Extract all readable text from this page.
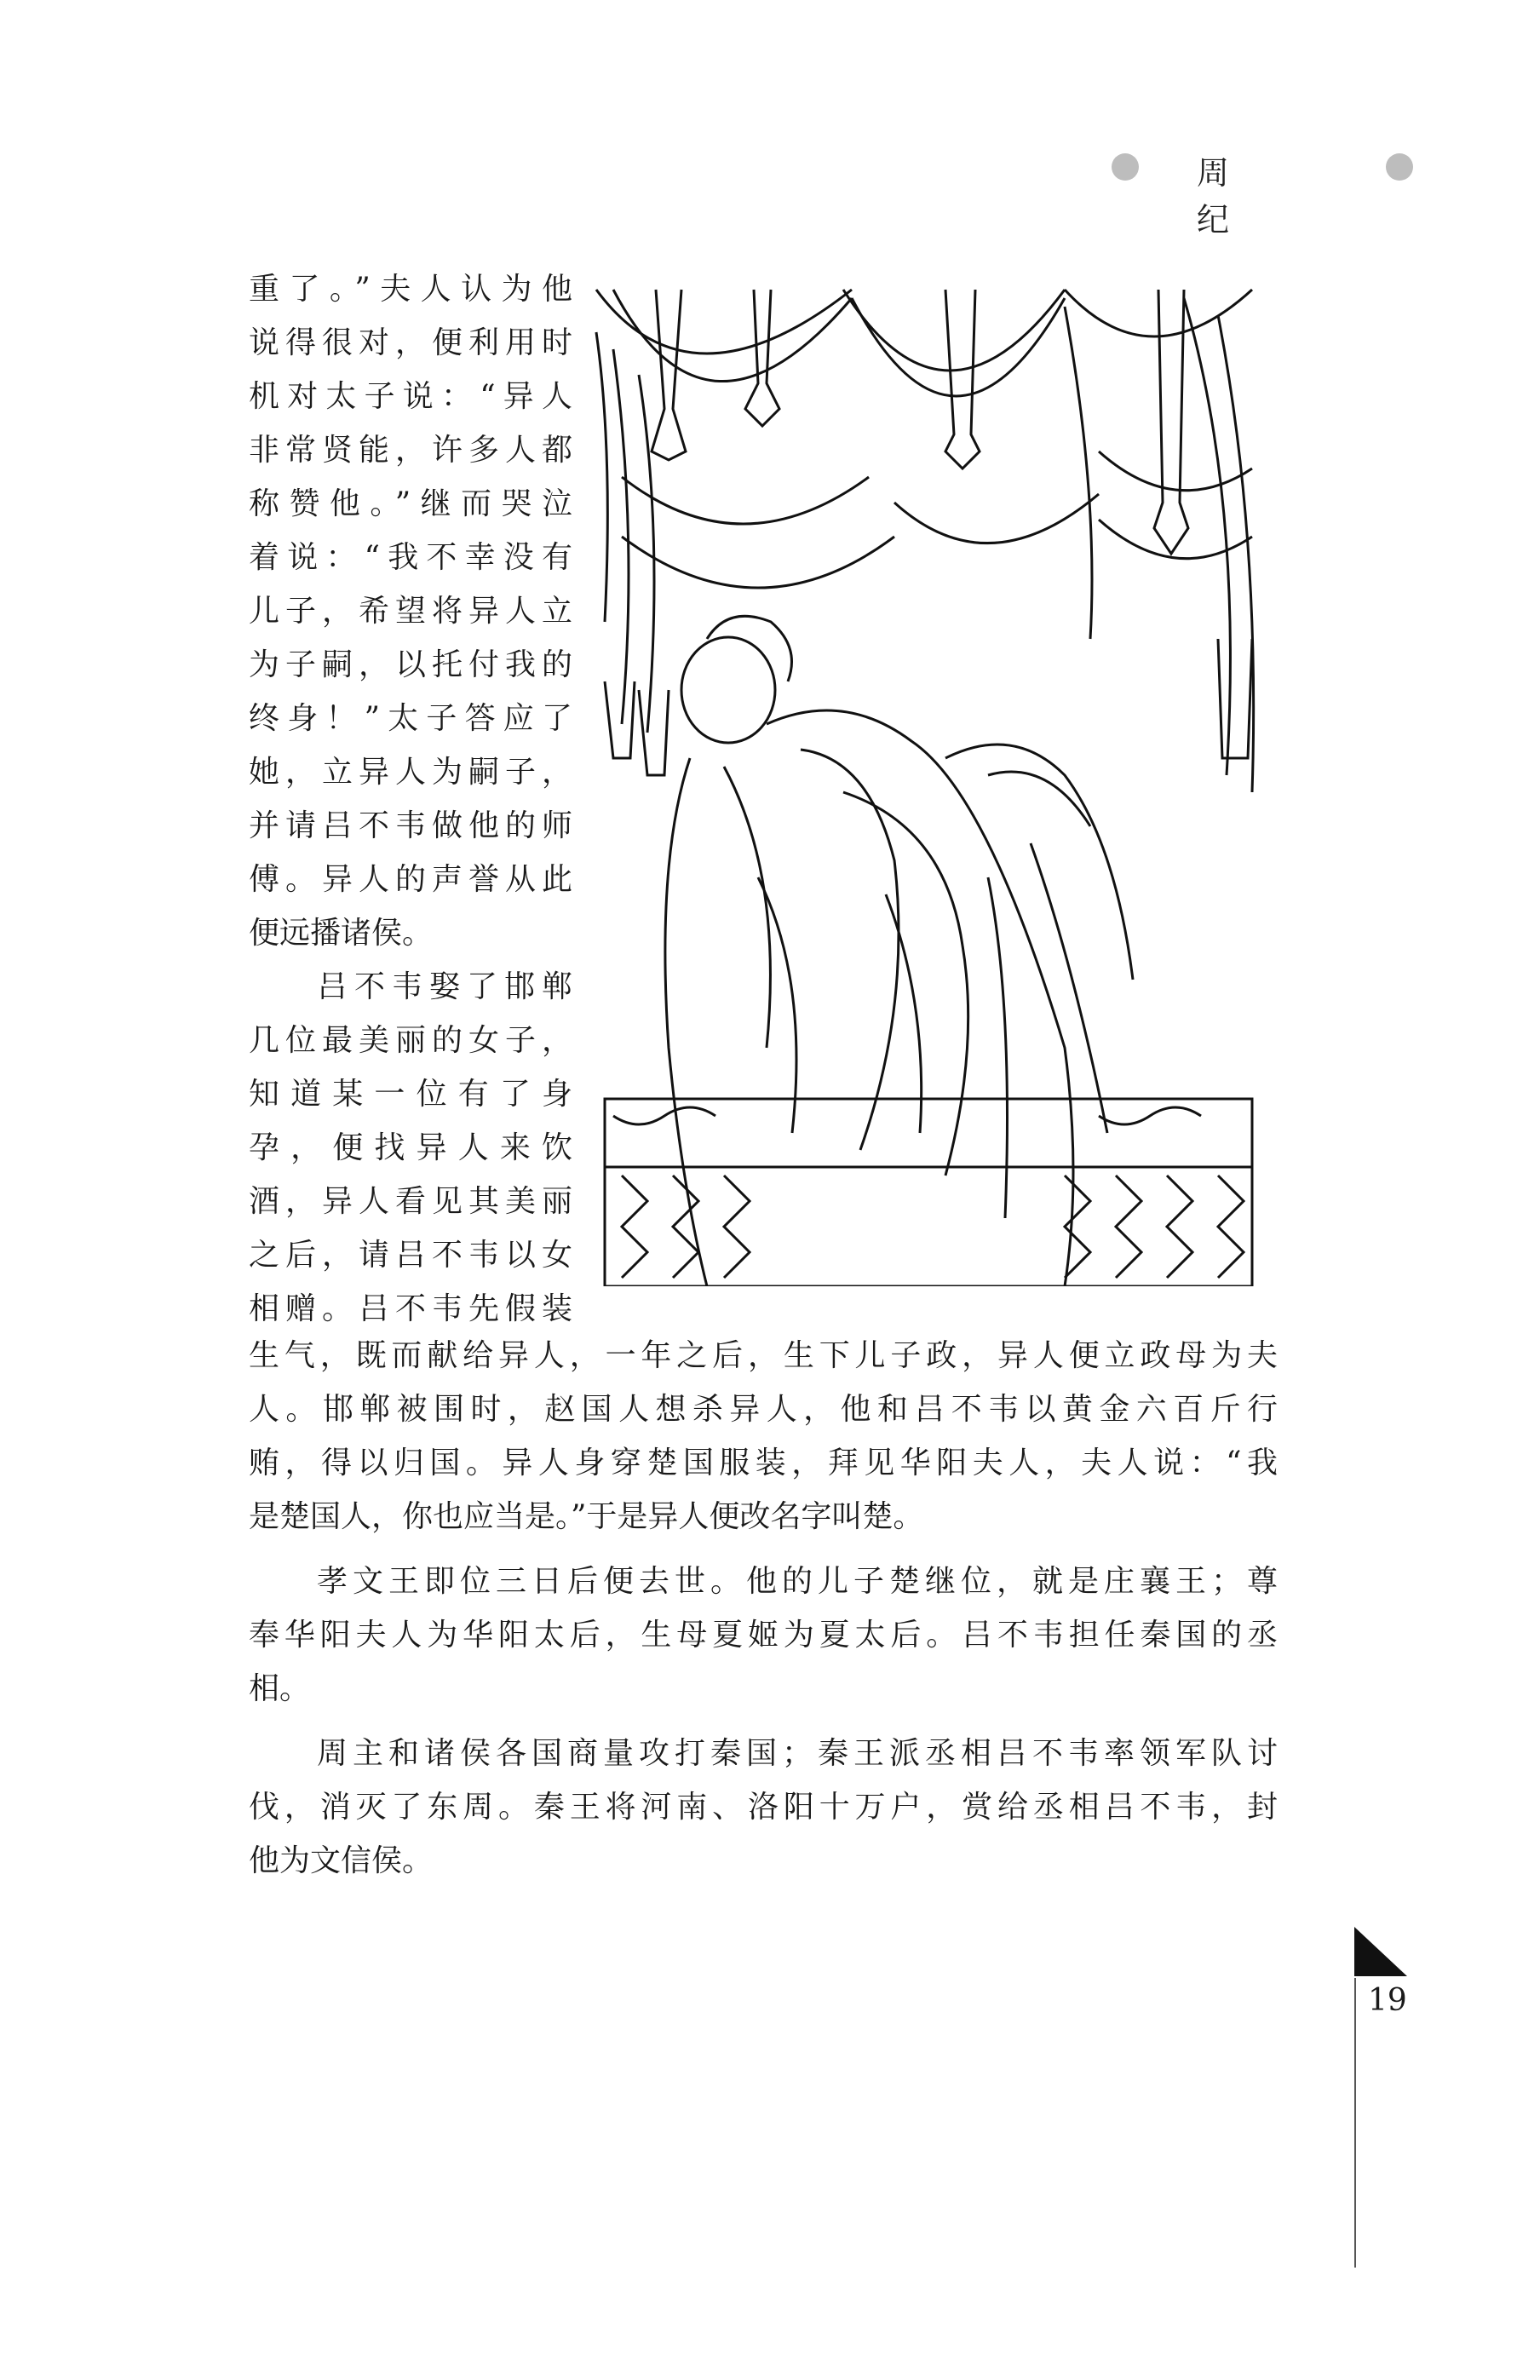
周纪

重了。”夫人认为他
说得很对，便利用时
机对太子说：“异人
非常贤能，许多人都
称赞他。”继而哭泣
着说：“我不幸没有
儿子，希望将异人立
为子嗣，以托付我的
终身！”太子答应了
她，立异人为嗣子，
并请吕不韦做他的师
傅。异人的声誉从此
便远播诸侯。

吕不韦娶了邯郸
几位最美丽的女子，
知道某一位有了身
孕，便找异人来饮
酒，异人看见其美丽
之后，请吕不韦以女
相赠。吕不韦先假装

生气，既而献给异人，一年之后，生下儿子政，异人便立政母为夫
人。邯郸被围时，赵国人想杀异人，他和吕不韦以黄金六百斤行
贿，得以归国。异人身穿楚国服装，拜见华阳夫人，夫人说：“我
是楚国人，你也应当是。”于是异人便改名字叫楚。

孝文王即位三日后便去世。他的儿子楚继位，就是庄襄王；尊
奉华阳夫人为华阳太后，生母夏姬为夏太后。吕不韦担任秦国的丞
相。

周主和诸侯各国商量攻打秦国；秦王派丞相吕不韦率领军队讨
伐，消灭了东周。秦王将河南、洛阳十万户，赏给丞相吕不韦，封
他为文信侯。

19
